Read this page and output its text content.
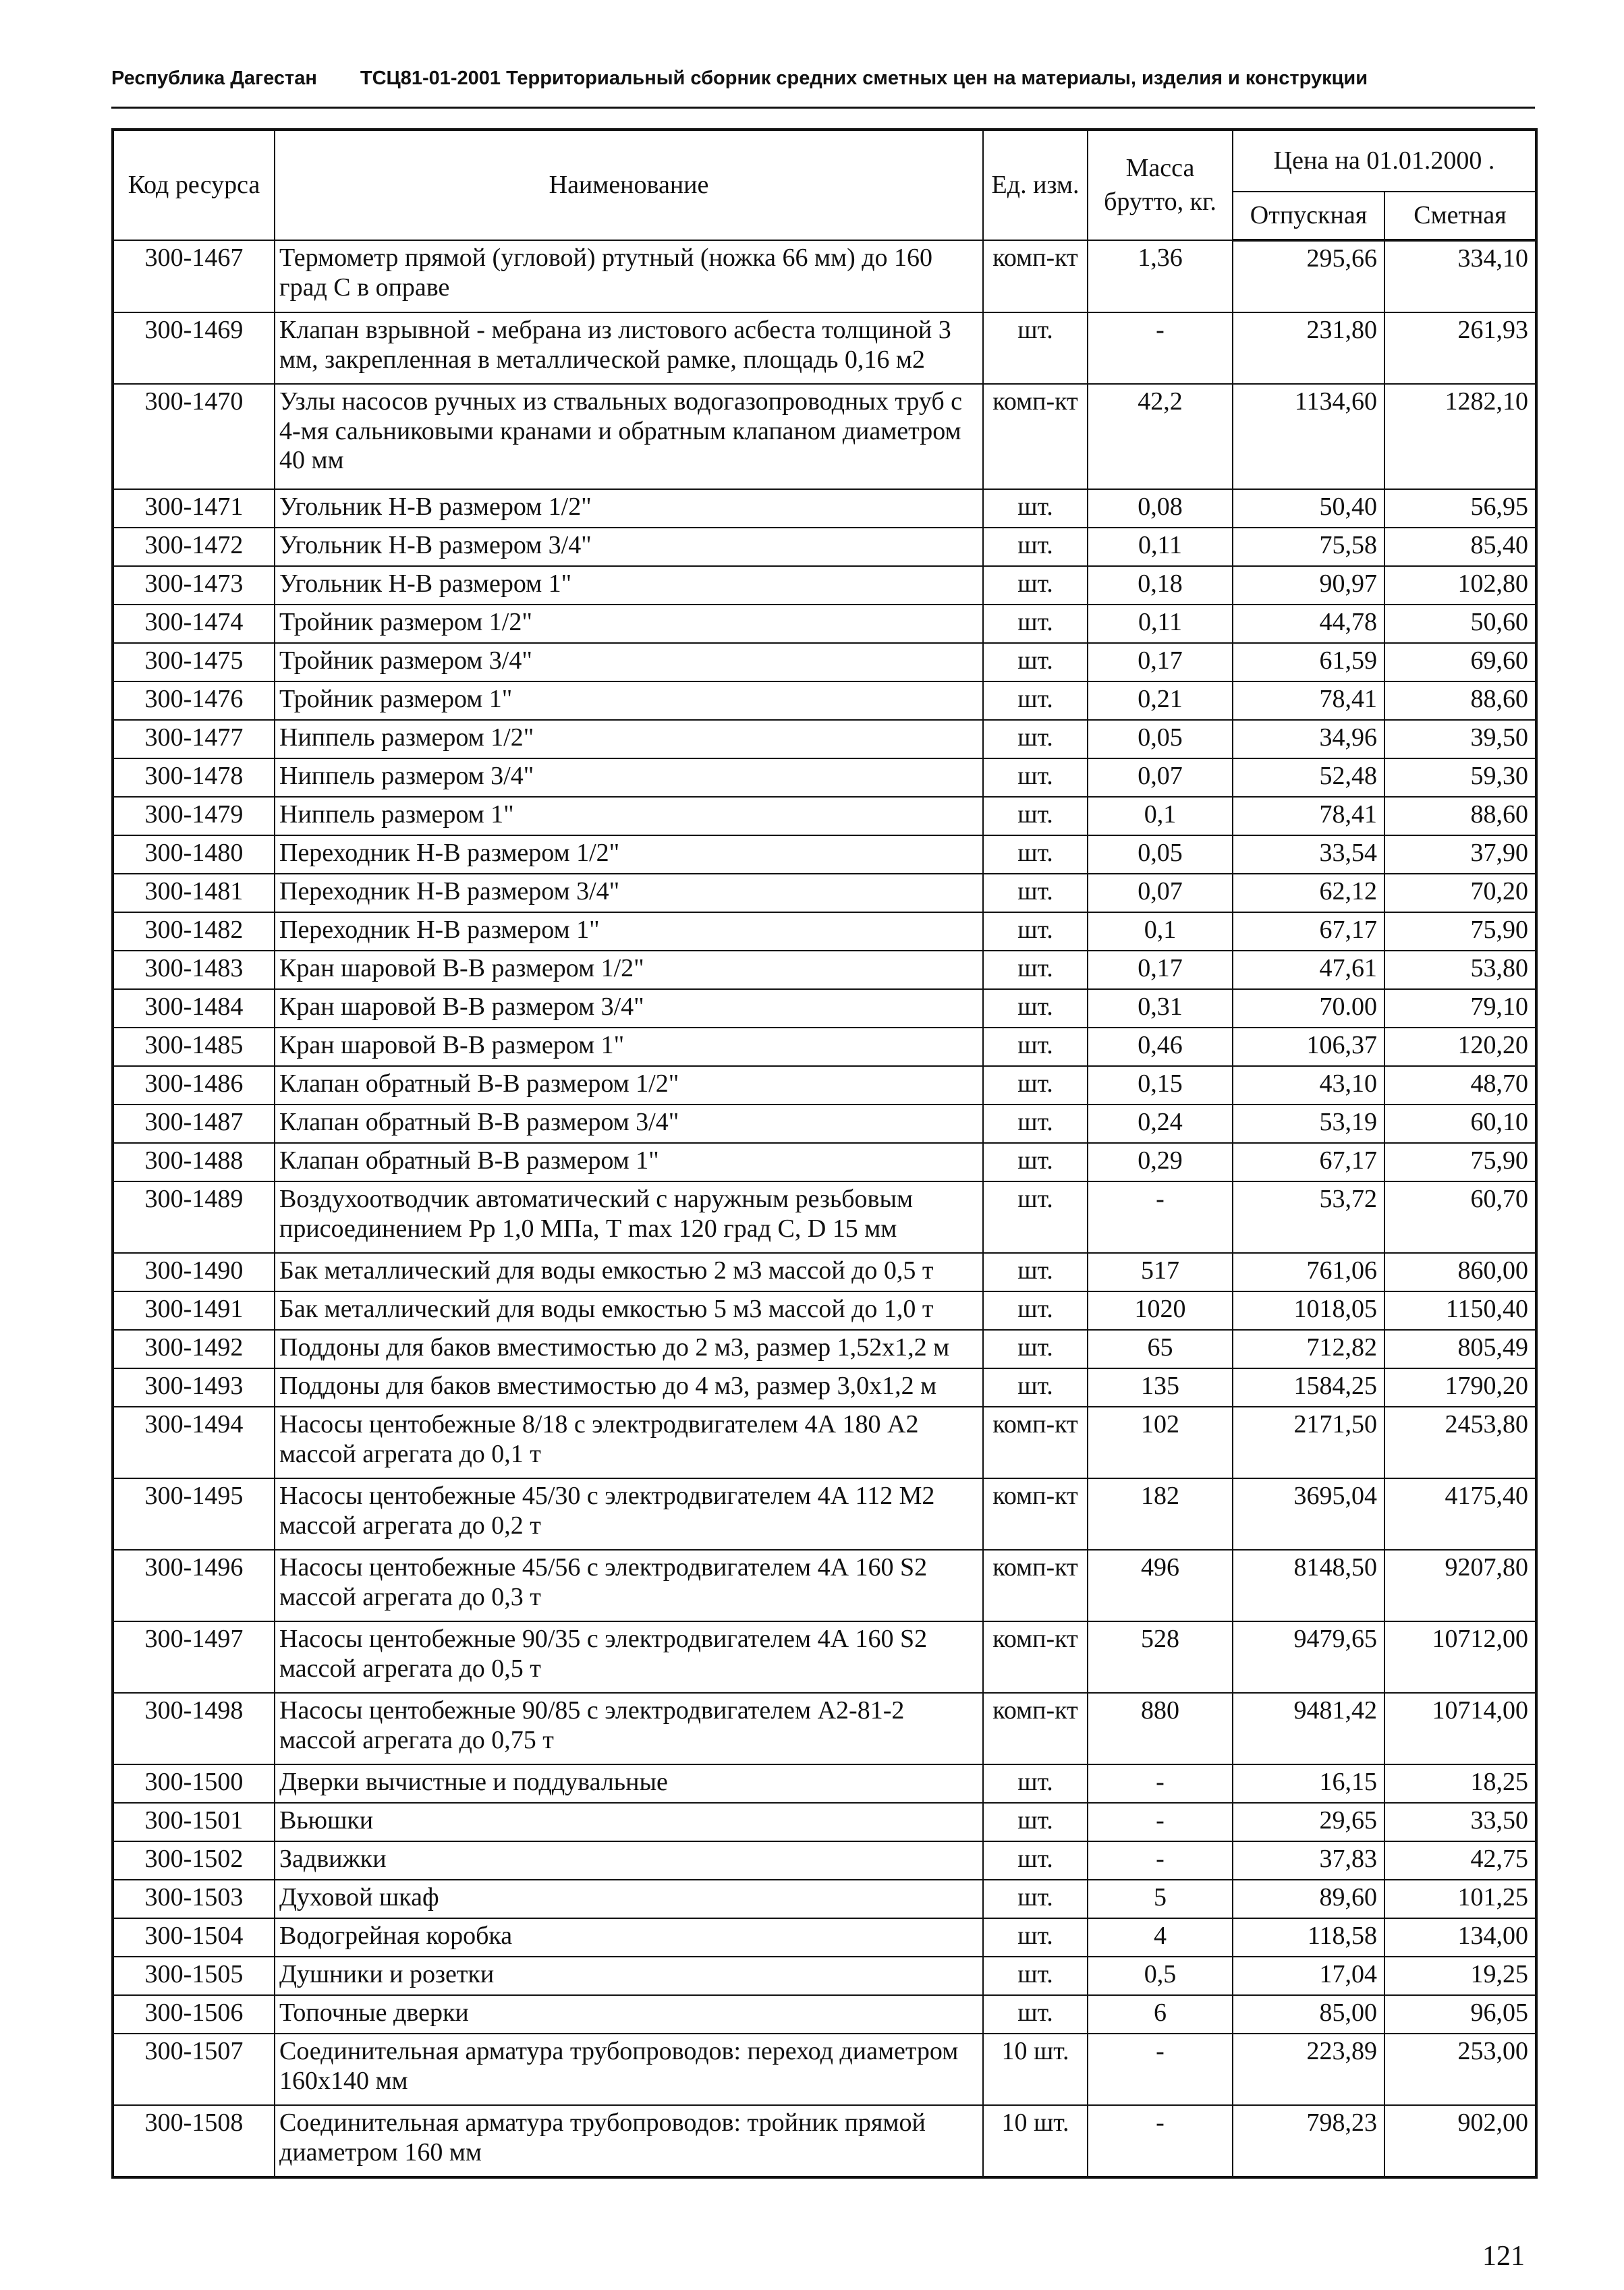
Республика Дагестан ТСЦ81-01-2001 Территориальный сборник средних сметных цен на материалы, изделия и конструкции
Код ресурса	Наименование	Ед. изм.	Масса брутто, кг.	Цена на 01.01.2000 .	
				Отпускная	Сметная
300-1467	Термометр прямой (угловой) ртутный (ножка 66 мм) до 160 град С в оправе	комп-кт	1,36	295,66	334,10
300-1469	Клапан взрывной - мебрана из листового асбеста толщиной 3 мм, закрепленная в металлической рамке, площадь 0,16 м2	шт.	-	231,80	261,93
300-1470	Узлы насосов ручных из ствальных водогазопроводных труб с 4-мя сальниковыми кранами и обратным клапаном диаметром 40 мм	комп-кт	42,2	1134,60	1282,10
300-1471	Угольник Н-В размером 1/2"	шт.	0,08	50,40	56,95
300-1472	Угольник Н-В размером 3/4"	шт.	0,11	75,58	85,40
300-1473	Угольник Н-В размером 1"	шт.	0,18	90,97	102,80
300-1474	Тройник размером 1/2"	шт.	0,11	44,78	50,60
300-1475	Тройник размером 3/4"	шт.	0,17	61,59	69,60
300-1476	Тройник размером 1"	шт.	0,21	78,41	88,60
300-1477	Ниппель размером 1/2"	шт.	0,05	34,96	39,50
300-1478	Ниппель размером 3/4"	шт.	0,07	52,48	59,30
300-1479	Ниппель размером 1"	шт.	0,1	78,41	88,60
300-1480	Переходник Н-В размером 1/2"	шт.	0,05	33,54	37,90
300-1481	Переходник Н-В размером 3/4"	шт.	0,07	62,12	70,20
300-1482	Переходник Н-В размером 1"	шт.	0,1	67,17	75,90
300-1483	Кран шаровой В-В размером 1/2"	шт.	0,17	47,61	53,80
300-1484	Кран шаровой В-В размером 3/4"	шт.	0,31	70.00	79,10
300-1485	Кран шаровой В-В размером 1"	шт.	0,46	106,37	120,20
300-1486	Клапан обратный В-В размером 1/2"	шт.	0,15	43,10	48,70
300-1487	Клапан обратный В-В размером 3/4"	шт.	0,24	53,19	60,10
300-1488	Клапан обратный В-В размером 1"	шт.	0,29	67,17	75,90
300-1489	Воздухоотводчик автоматический с наружным резьбовым присоединением Рр 1,0 МПа, Т max 120 град С, D 15 мм	шт.	-	53,72	60,70
300-1490	Бак металлический для воды емкостью 2 м3 массой до 0,5 т	шт.	517	761,06	860,00
300-1491	Бак металлический для воды емкостью 5 м3 массой до 1,0 т	шт.	1020	1018,05	1150,40
300-1492	Поддоны для баков вместимостью до 2 м3, размер 1,52х1,2 м	шт.	65	712,82	805,49
300-1493	Поддоны для баков вместимостью до 4 м3, размер 3,0х1,2 м	шт.	135	1584,25	1790,20
300-1494	Насосы центобежные 8/18 с электродвигателем 4А 180 А2 массой агрегата до 0,1 т	комп-кт	102	2171,50	2453,80
300-1495	Насосы центобежные 45/30 с электродвигателем 4А 112 М2 массой агрегата до 0,2 т	комп-кт	182	3695,04	4175,40
300-1496	Насосы центобежные 45/56 с электродвигателем 4А 160 S2 массой агрегата до 0,3 т	комп-кт	496	8148,50	9207,80
300-1497	Насосы центобежные 90/35 с электродвигателем 4А 160 S2 массой агрегата до 0,5 т	комп-кт	528	9479,65	10712,00
300-1498	Насосы центобежные 90/85 с электродвигателем А2-81-2 массой агрегата до 0,75 т	комп-кт	880	9481,42	10714,00
300-1500	Дверки вычистные и поддувальные	шт.	-	16,15	18,25
300-1501	Вьюшки	шт.	-	29,65	33,50
300-1502	Задвижки	шт.	-	37,83	42,75
300-1503	Духовой шкаф	шт.	5	89,60	101,25
300-1504	Водогрейная коробка	шт.	4	118,58	134,00
300-1505	Душники и розетки	шт.	0,5	17,04	19,25
300-1506	Топочные дверки	шт.	6	85,00	96,05
300-1507	Соединительная арматура трубопроводов: переход диаметром 160х140 мм	10 шт.	-	223,89	253,00
300-1508	Соединительная арматура трубопроводов: тройник прямой диаметром 160 мм	10 шт.	-	798,23	902,00
121
